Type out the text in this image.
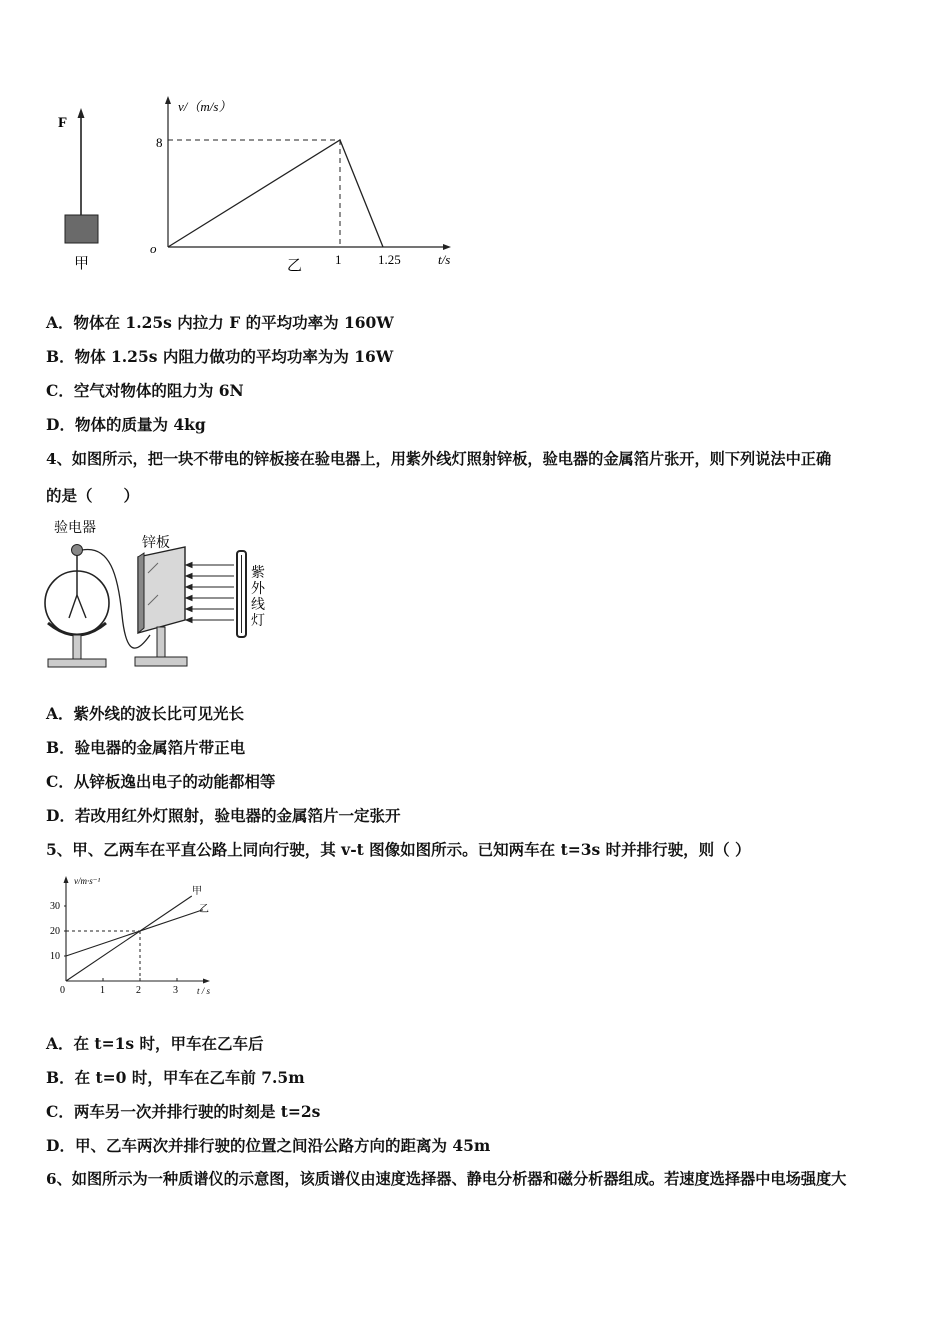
F
甲
v/（m/s）
8
o
1	1.25	t/s
乙
A．物体在 1.25s 内拉力 F 的平均功率为 160W
B．物体 1.25s 内阻力做功的平均功率为为 16W
C．空气对物体的阻力为 6N
D．物体的质量为 4kg
4、如图所示，把一块不带电的锌板接在验电器上，用紫外线灯照射锌板，验电器的金属箔片张开，则下列说法中正确
的是（　　）
验电器
锌板
紫
外
线
灯
A．紫外线的波长比可见光长
B．验电器的金属箔片带正电
C．从锌板逸出电子的动能都相等
D．若改用红外灯照射，验电器的金属箔片一定张开
5、甲、乙两车在平直公路上同向行驶，其 v-t 图像如图所示。已知两车在 t=3s 时并排行驶，则（ ）
v/m·s⁻¹
t / s
30
20
10
0	1	2	3
甲
乙
A．在 t=1s 时，甲车在乙车后
B．在 t=0 时，甲车在乙车前 7.5m
C．两车另一次并排行驶的时刻是 t=2s
D．甲、乙车两次并排行驶的位置之间沿公路方向的距离为 45m
6、如图所示为一种质谱仪的示意图，该质谱仪由速度选择器、静电分析器和磁分析器组成。若速度选择器中电场强度大
